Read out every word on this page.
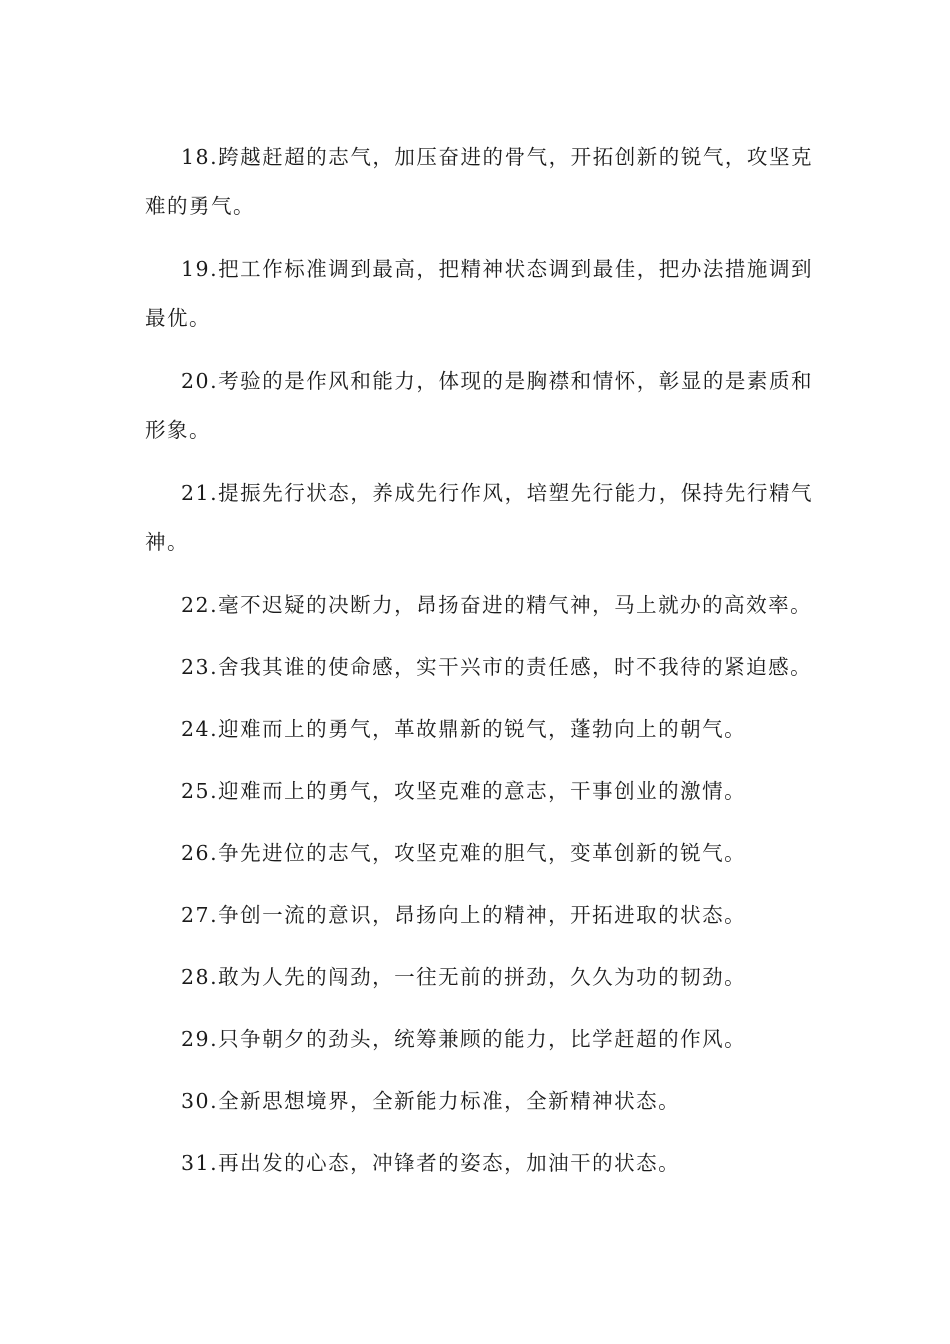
18.跨越赶超的志气，加压奋进的骨气，开拓创新的锐气，攻坚克难的勇气。

19.把工作标准调到最高，把精神状态调到最佳，把办法措施调到最优。

20.考验的是作风和能力，体现的是胸襟和情怀，彰显的是素质和形象。

21.提振先行状态，养成先行作风，培塑先行能力，保持先行精气神。

22.毫不迟疑的决断力，昂扬奋进的精气神，马上就办的高效率。

23.舍我其谁的使命感，实干兴市的责任感，时不我待的紧迫感。

24.迎难而上的勇气，革故鼎新的锐气，蓬勃向上的朝气。

25.迎难而上的勇气，攻坚克难的意志，干事创业的激情。

26.争先进位的志气，攻坚克难的胆气，变革创新的锐气。

27.争创一流的意识，昂扬向上的精神，开拓进取的状态。

28.敢为人先的闯劲，一往无前的拼劲，久久为功的韧劲。

29.只争朝夕的劲头，统筹兼顾的能力，比学赶超的作风。

30.全新思想境界，全新能力标准，全新精神状态。

31.再出发的心态，冲锋者的姿态，加油干的状态。
